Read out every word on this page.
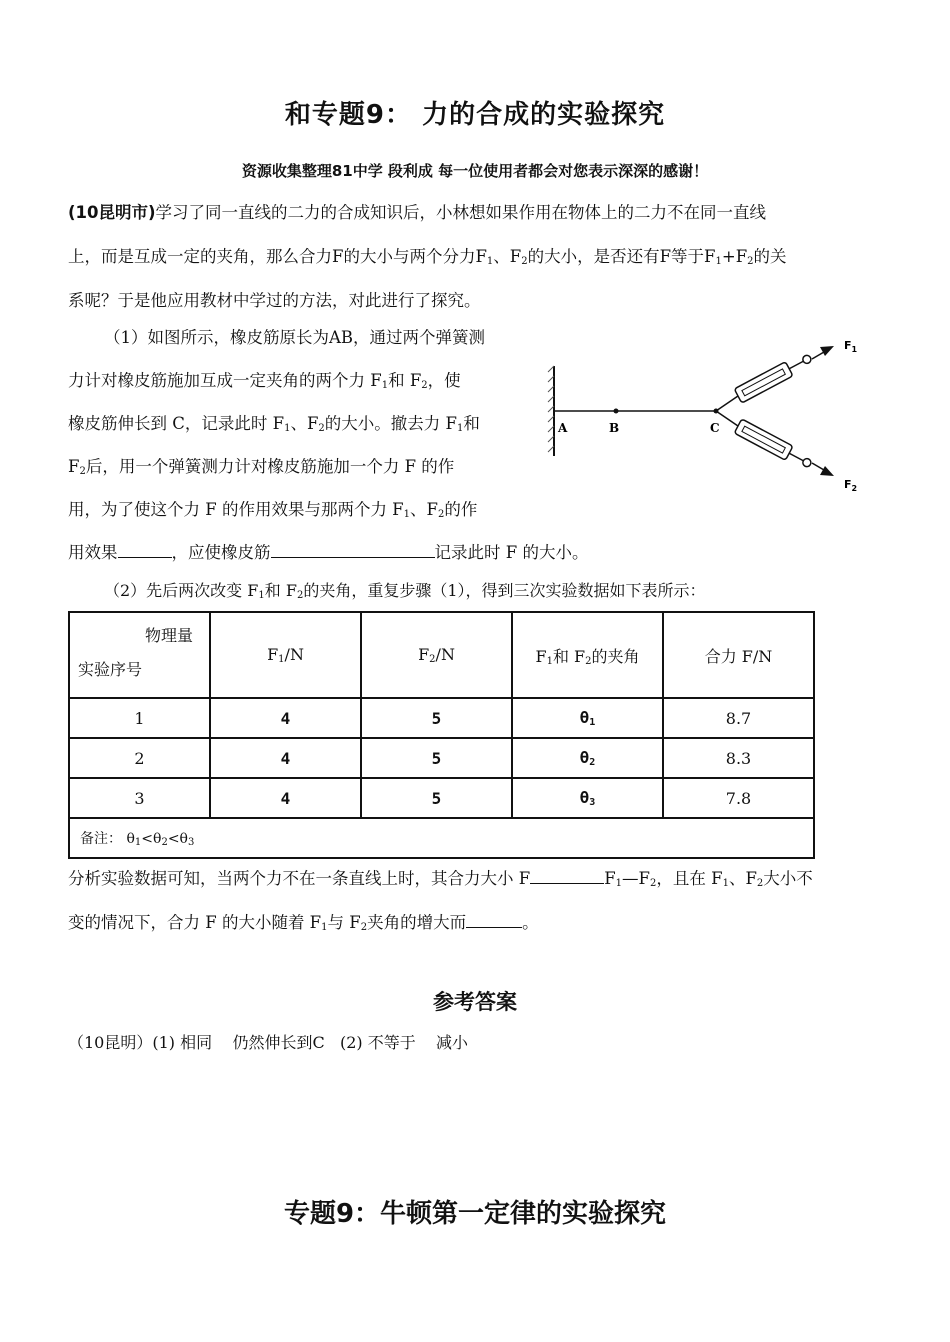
和专题9： 力的合成的实验探究
资源收集整理81中学 段利成 每一位使用者都会对您表示深深的感谢！
(10昆明市)学习了同一直线的二力的合成知识后，小林想如果作用在物体上的二力不在同一直线
上，而是互成一定的夹角，那么合力F的大小与两个分力$F_1$、$F_2$的大小，是否还有F等于$F_1+F_2$的关
系呢？于是他应用教材中学过的方法，对此进行了探究。
（1）如图所示，橡皮筋原长为AB，通过两个弹簧测
力计对橡皮筋施加互成一定夹角的两个力 $F_1$和 $F_2$，使
橡皮筋伸长到 C，记录此时 $F_1$、$F_2$的大小。撤去力 $F_1$和
$F_2$后，用一个弹簧测力计对橡皮筋施加一个力 F 的作
用，为了使这个力 F 的作用效果与那两个力 $F_1$、$F_2$的作
用效果	，应使橡皮筋	记录此时 F 的大小。
A	B	C
$F_1$
$F_2$
（2）先后两次改变 $F_1$和 $F_2$的夹角，重复步骤（1），得到三次实验数据如下表所示：
物理量
实验序号	$F_1/N$	$F_2/N$	$F_1$和 $F_2$的夹角	合力 F/N
1	4	5	$\theta_1$	8.7
2	4	5	$\theta_2$	8.3
3	4	5	$\theta_3$	7.8
备注： $\theta_1<\theta_2<\theta_3$
分析实验数据可知，当两个力不在一条直线上时，其合力大小 F	$F_1—F_2$，且在 $F_1$、$F_2$大小不
变的情况下，合力 F 的大小随着 $F_1$与 $F_2$夹角的增大而	。
参考答案
（10昆明）(1) 相同    仍然伸长到C   (2) 不等于    减小
专题9：牛顿第一定律的实验探究
